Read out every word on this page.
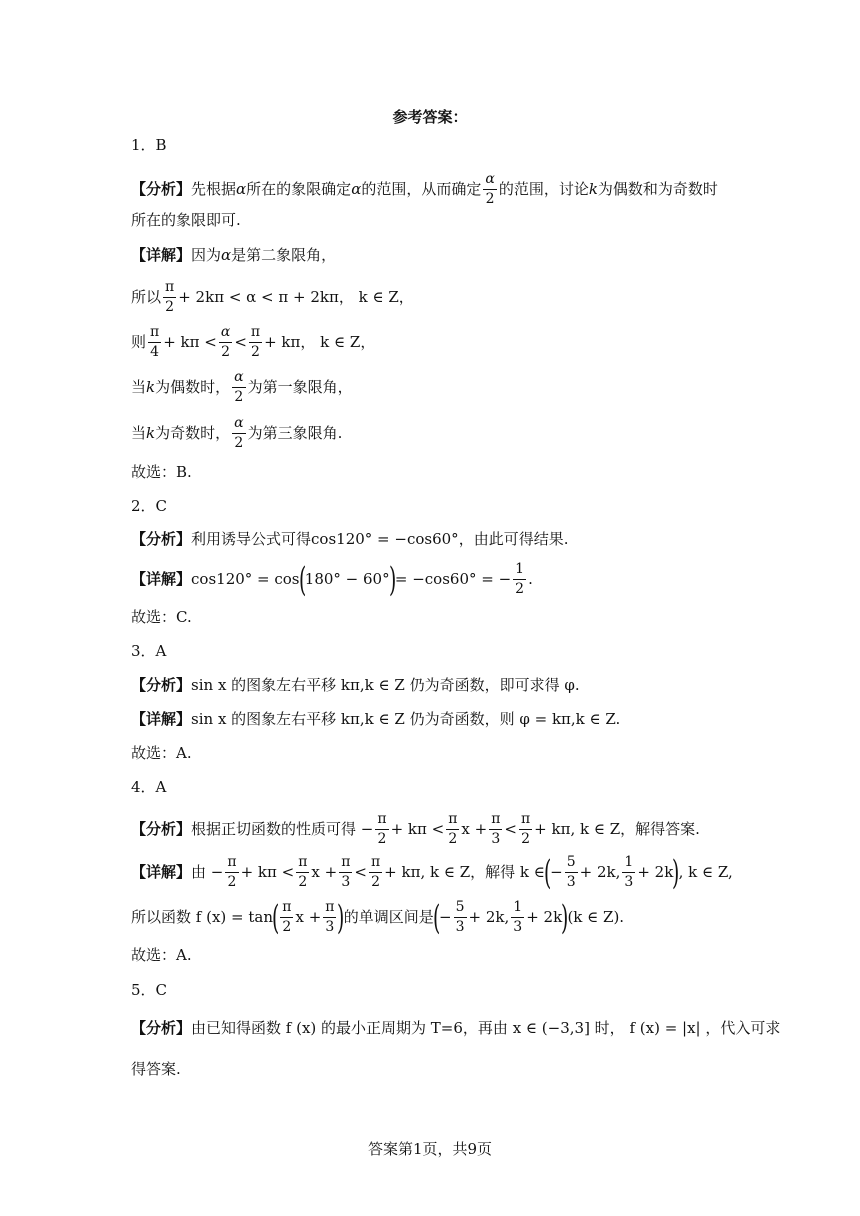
参考答案：
1．B
【分析】 先根据 α 所在的象限确定 α 的范围，从而确定 $\frac{\alpha}{2}$ 的范围，讨论 k 为偶数和为奇数时
所在的象限即可.
【详解】 因为 α 是第二象限角，
所以 $\frac{\pi}{2} + 2k\pi < \alpha < \pi + 2k\pi$，
k ∈ Z，
则 $\frac{\pi}{4} + k\pi < \frac{\alpha}{2} < \frac{\pi}{2} + k\pi$，
k ∈ Z，
当 k 为偶数时， $\frac{\alpha}{2}$ 为第一象限角，
当 k 为奇数时， $\frac{\alpha}{2}$ 为第三象限角.
故选：B.
2．C
【分析】 利用诱导公式可得 cos120° = −cos60° ，由此可得结果.
【详解】 cos120° = cos
(
180° − 60°
)
= −cos60° = − $\frac{1}{2}$ .
故选：C.
3．A
【分析】 sin x 的图象左右平移 kπ,k ∈ Z 仍为奇函数，即可求得 φ.
【详解】 sin x 的图象左右平移 kπ,k ∈ Z 仍为奇函数，则 φ = kπ,k ∈ Z.
故选：A.
4．A
【分析】 根据正切函数的性质可得 − $\frac{\pi}{2} + k\pi < \frac{\pi}{2}$ $x + \frac{\pi}{3} < \frac{\pi}{2} + k\pi$, k ∈ Z，解得答案.
【详解】 由 − $\frac{\pi}{2} + k\pi < \frac{\pi}{2}$ $x + \frac{\pi}{3} < \frac{\pi}{2} + k\pi$, k ∈ Z，解得 k ∈
(
− $\frac{5}{3} + 2k$, $\frac{1}{3} + 2k$
)
, k ∈ Z,
所以函数 f (x) = tan
( $\frac{\pi}{2}$ $x + \frac{\pi}{3}$ )
的单调区间是
(
− $\frac{5}{3} + 2k$, $\frac{1}{3} + 2k$
)
(k ∈ Z).
故选：A.
5．C
【分析】 由已知得函数 f (x) 的最小正周期为 T=6，再由 x ∈ (−3,3] 时， f (x) = |x| ，代入可求
得答案.
答案第1页，共9页
